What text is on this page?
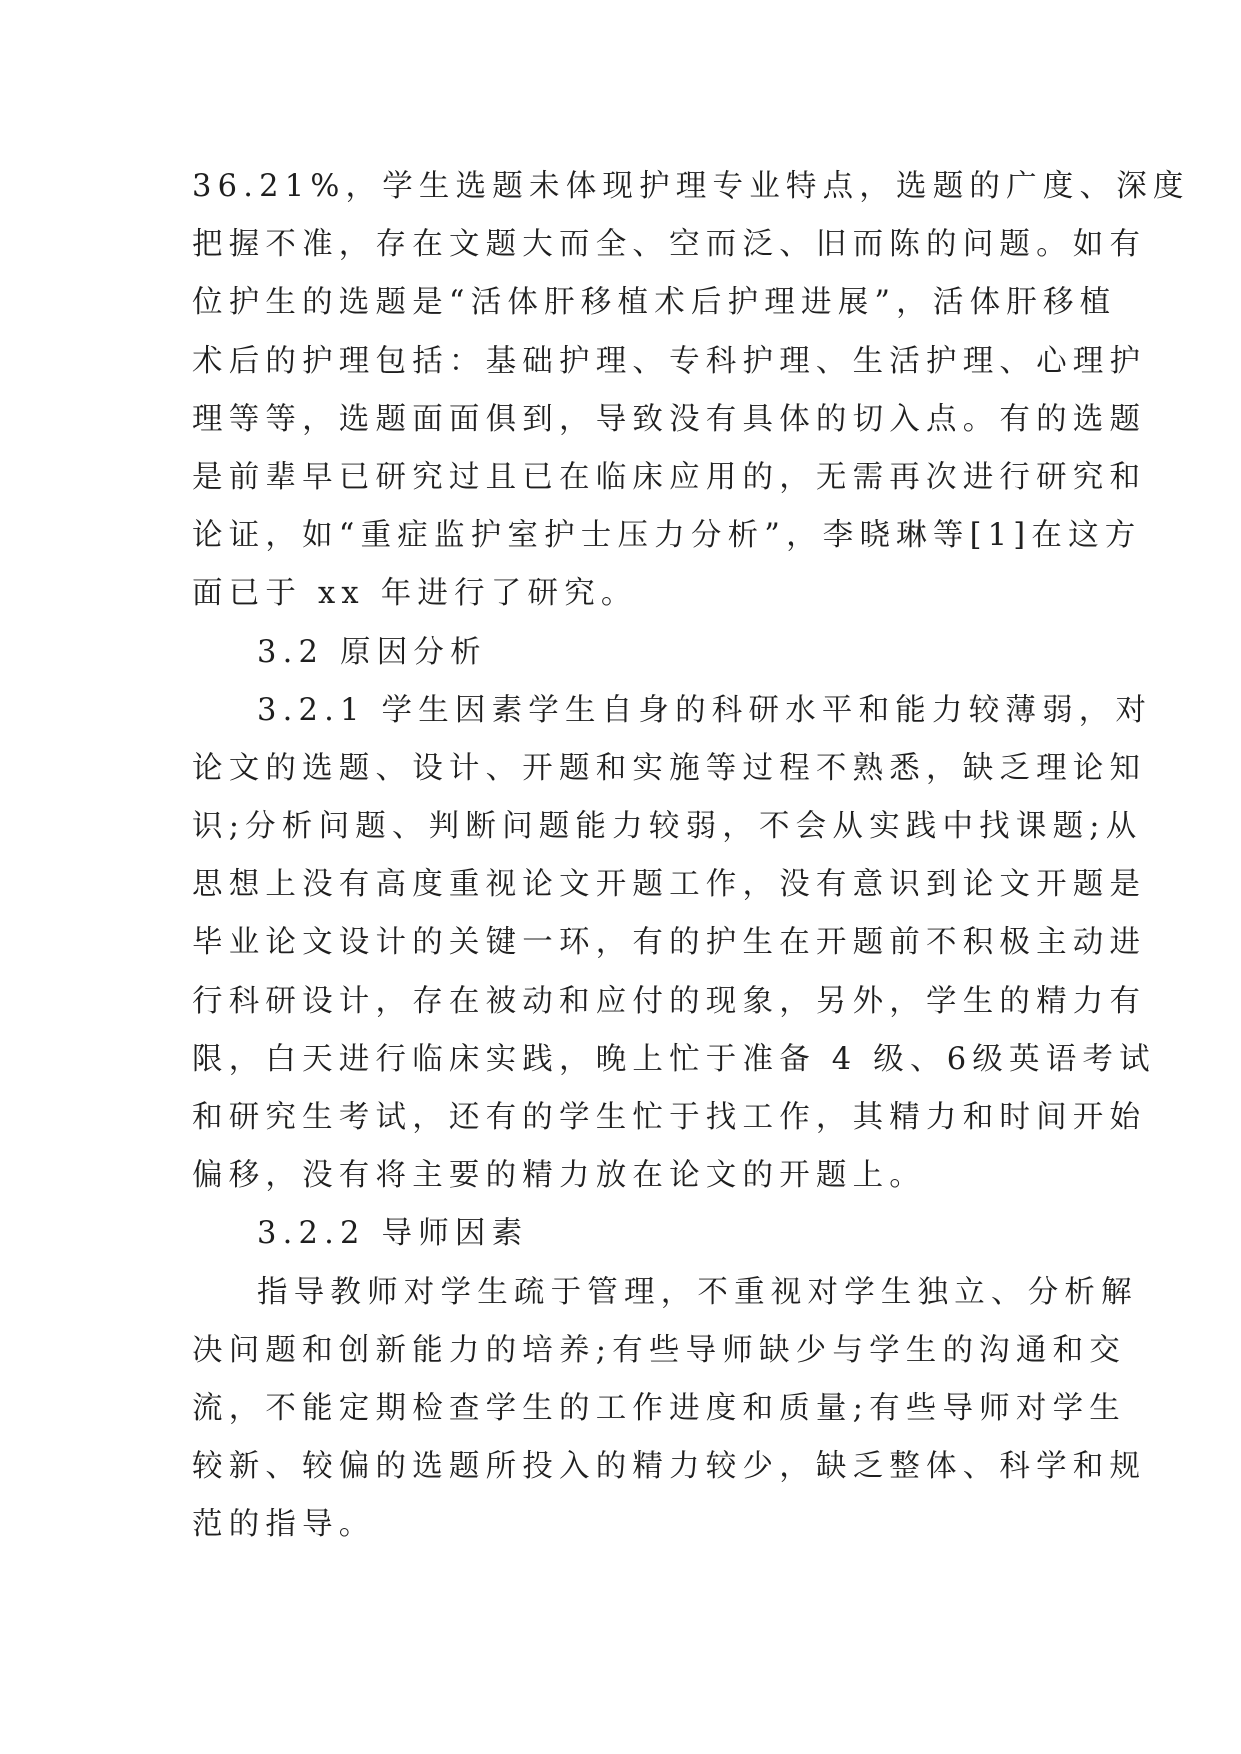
36.21%，学生选题未体现护理专业特点，选题的广度、深度
把握不准，存在文题大而全、空而泛、旧而陈的问题。如有
位护生的选题是“活体肝移植术后护理进展”，活体肝移植
术后的护理包括：基础护理、专科护理、生活护理、心理护
理等等，选题面面俱到，导致没有具体的切入点。有的选题
是前辈早已研究过且已在临床应用的，无需再次进行研究和
论证，如“重症监护室护士压力分析”，李晓琳等[1]在这方
面已于 xx 年进行了研究。
3.2 原因分析
3.2.1 学生因素学生自身的科研水平和能力较薄弱，对
论文的选题、设计、开题和实施等过程不熟悉，缺乏理论知
识;分析问题、判断问题能力较弱，不会从实践中找课题;从
思想上没有高度重视论文开题工作，没有意识到论文开题是
毕业论文设计的关键一环，有的护生在开题前不积极主动进
行科研设计，存在被动和应付的现象，另外，学生的精力有
限，白天进行临床实践，晚上忙于准备 4 级、6级英语考试
和研究生考试，还有的学生忙于找工作，其精力和时间开始
偏移，没有将主要的精力放在论文的开题上。
3.2.2 导师因素
指导教师对学生疏于管理，不重视对学生独立、分析解
决问题和创新能力的培养;有些导师缺少与学生的沟通和交
流，不能定期检查学生的工作进度和质量;有些导师对学生
较新、较偏的选题所投入的精力较少，缺乏整体、科学和规
范的指导。
